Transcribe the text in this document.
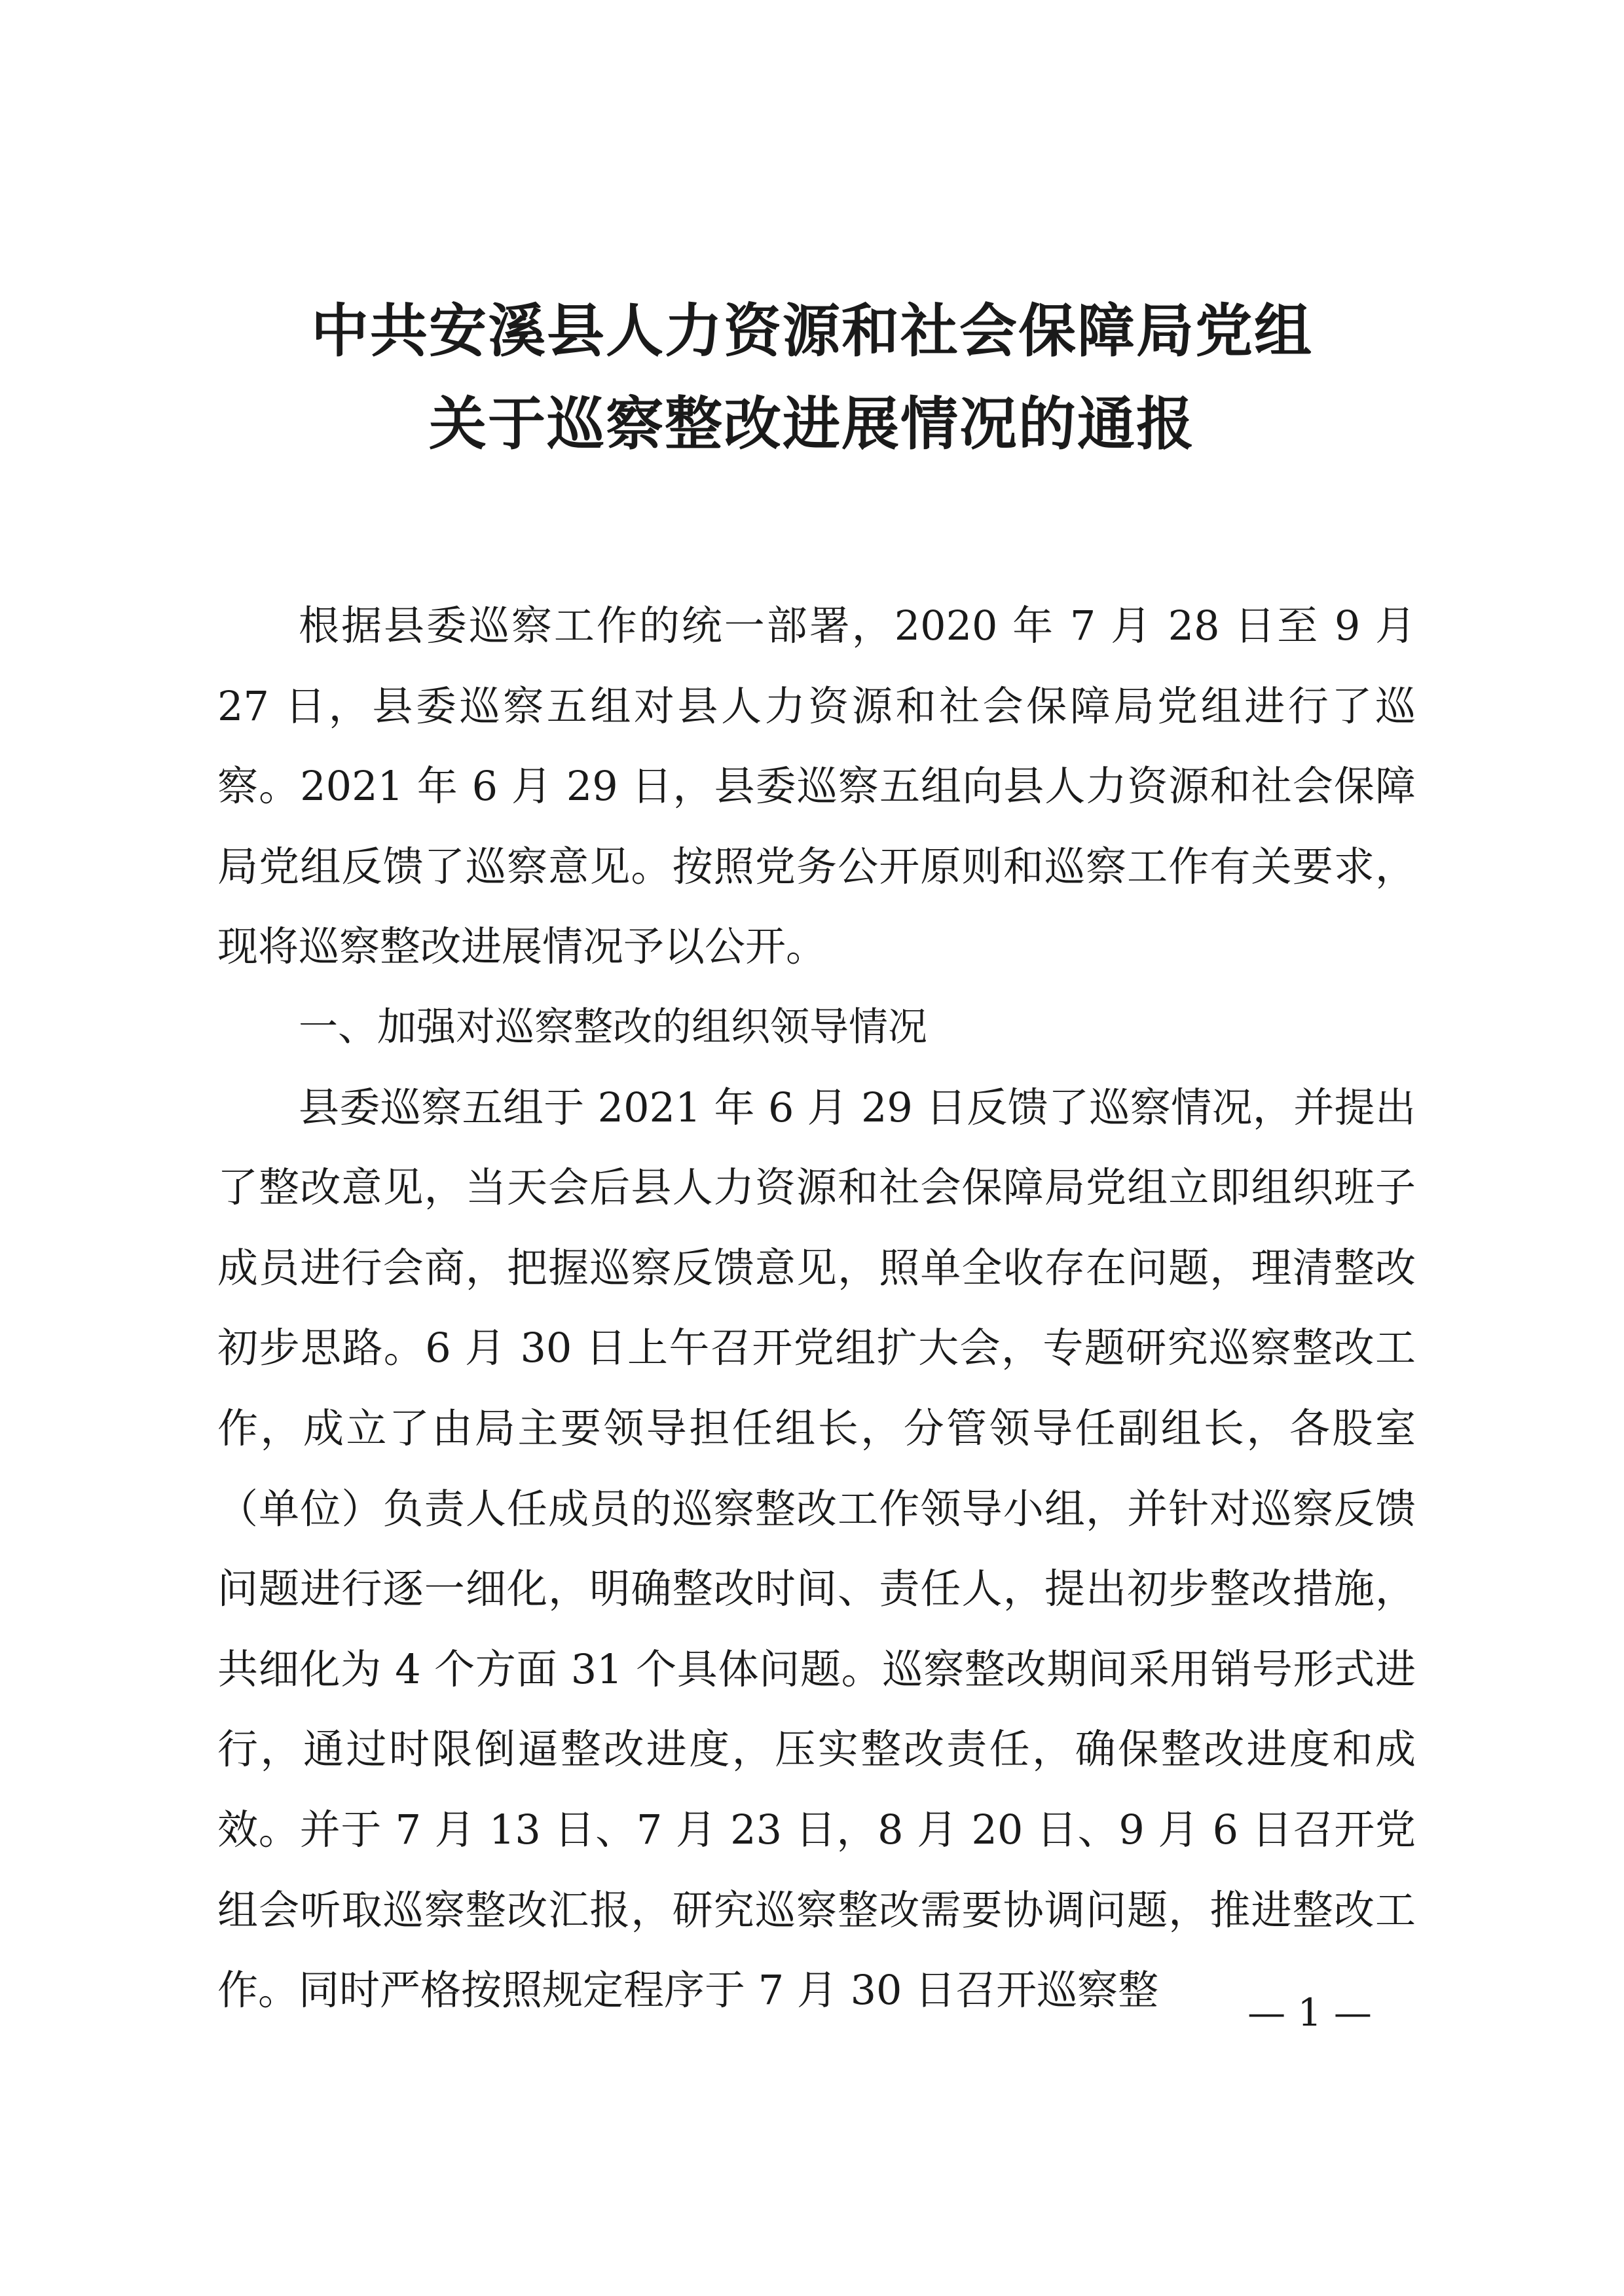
中共安溪县人力资源和社会保障局党组
关于巡察整改进展情况的通报

根据县委巡察工作的统一部署，2020 年 7 月 28 日至 9 月 27 日，县委巡察五组对县人力资源和社会保障局党组进行了巡察。2021 年 6 月 29 日，县委巡察五组向县人力资源和社会保障局党组反馈了巡察意见。按照党务公开原则和巡察工作有关要求，现将巡察整改进展情况予以公开。

一、加强对巡察整改的组织领导情况

县委巡察五组于 2021 年 6 月 29 日反馈了巡察情况，并提出了整改意见，当天会后县人力资源和社会保障局党组立即组织班子成员进行会商，把握巡察反馈意见，照单全收存在问题，理清整改初步思路。6 月 30 日上午召开党组扩大会，专题研究巡察整改工作，成立了由局主要领导担任组长，分管领导任副组长，各股室（单位）负责人任成员的巡察整改工作领导小组，并针对巡察反馈问题进行逐一细化，明确整改时间、责任人，提出初步整改措施，共细化为 4 个方面 31 个具体问题。巡察整改期间采用销号形式进行，通过时限倒逼整改进度，压实整改责任，确保整改进度和成效。并于 7 月 13 日、7 月 23 日，8 月 20 日、9 月 6 日召开党组会听取巡察整改汇报，研究巡察整改需要协调问题，推进整改工作。同时严格按照规定程序于 7 月 30 日召开巡察整	— 1 —
